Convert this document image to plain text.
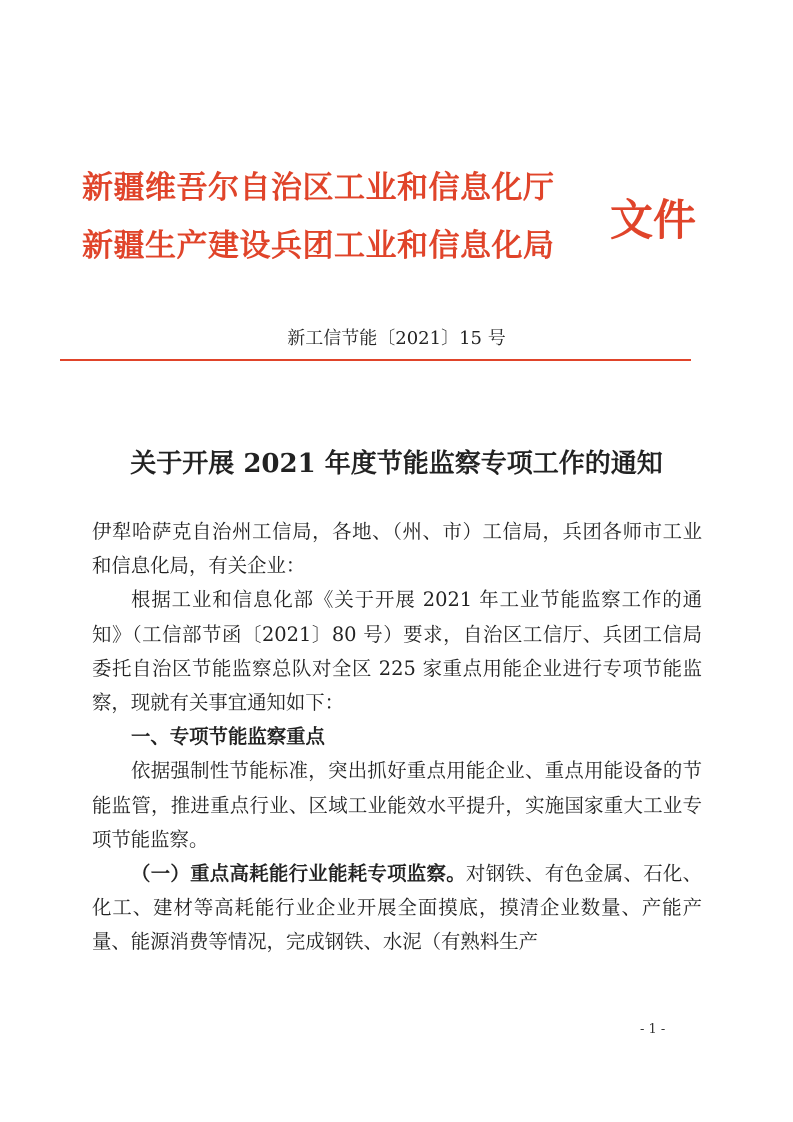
新疆维吾尔自治区工业和信息化厅
新疆生产建设兵团工业和信息化局 文件
新工信节能〔2021〕15 号
关于开展 2021 年度节能监察专项工作的通知

伊犁哈萨克自治州工信局，各地、（州、市）工信局，兵团各师市工业和信息化局，有关企业：

根据工业和信息化部《关于开展 2021 年工业节能监察工作的通知》（工信部节函〔2021〕80 号）要求，自治区工信厅、兵团工信局委托自治区节能监察总队对全区 225 家重点用能企业进行专项节能监察，现就有关事宜通知如下：

一、专项节能监察重点

依据强制性节能标准，突出抓好重点用能企业、重点用能设备的节能监管，推进重点行业、区域工业能效水平提升，实施国家重大工业专项节能监察。

（一）重点高耗能行业能耗专项监察。对钢铁、有色金属、石化、化工、建材等高耗能行业企业开展全面摸底，摸清企业数量、产能产量、能源消费等情况，完成钢铁、水泥（有熟料生产

- 1 -
